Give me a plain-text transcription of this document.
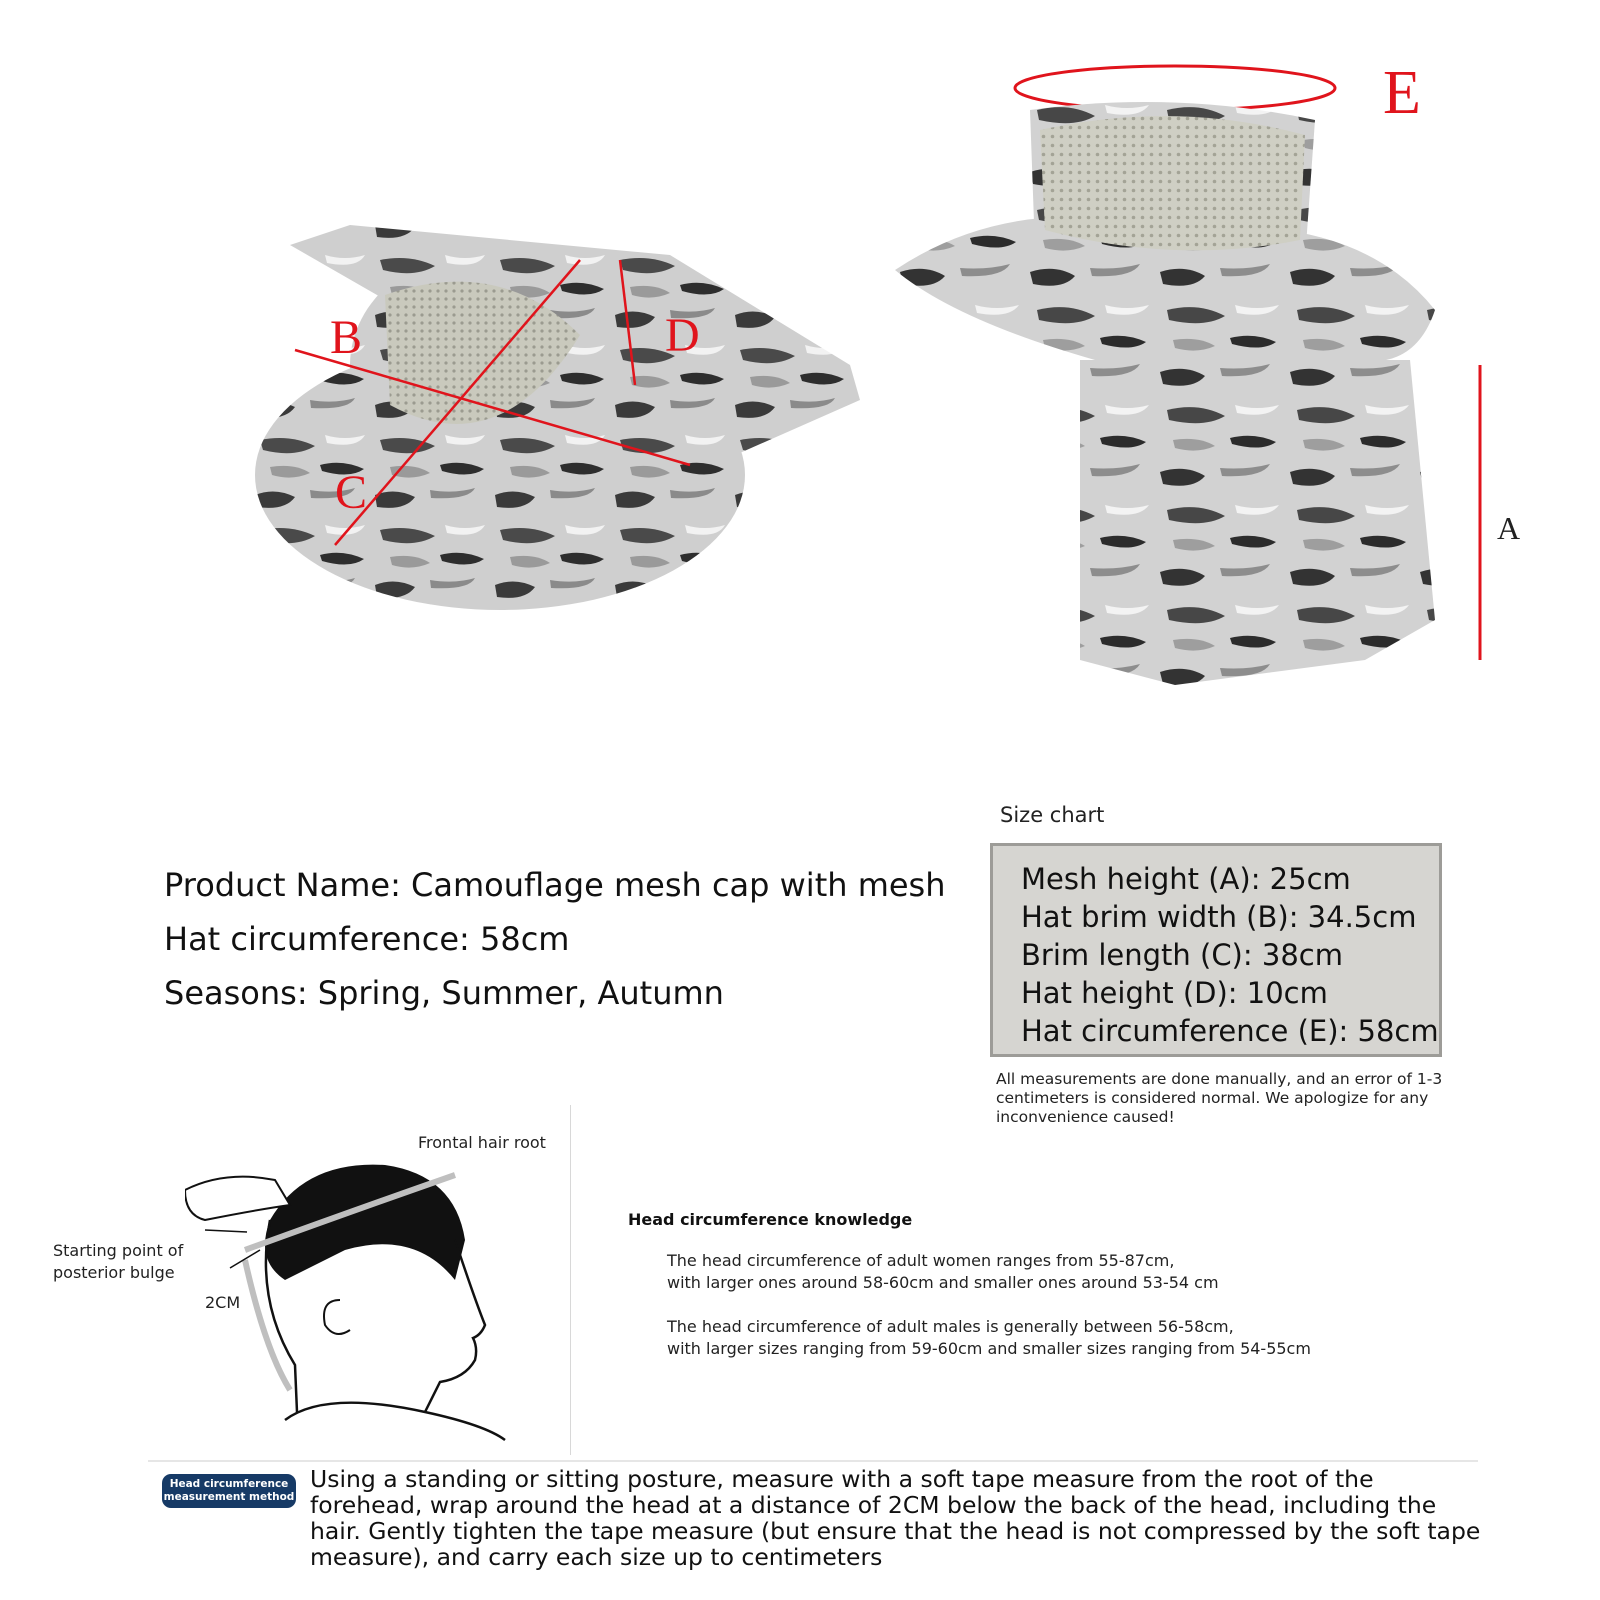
B
C
D
E
A
Product Name: Camouflage mesh cap with mesh
Hat circumference: 58cm
Seasons: Spring, Summer, Autumn
Size chart
Mesh height (A): 25cm
Hat brim width (B): 34.5cm
Brim length (C): 38cm
Hat height (D): 10cm
Hat circumference (E): 58cm
All measurements are done manually, and an error of 1-3 centimeters is considered normal. We apologize for any inconvenience caused!
Frontal hair root
Starting point of
posterior bulge
2CM
Head circumference knowledge
The head circumference of adult women ranges from 55-87cm,
with larger ones around 58-60cm and smaller ones around 53-54 cm
The head circumference of adult males is generally between 56-58cm,
with larger sizes ranging from 59-60cm and smaller sizes ranging from 54-55cm
Head circumference
measurement method
Using a standing or sitting posture, measure with a soft tape measure from the root of the forehead, wrap around the head at a distance of 2CM below the back of the head, including the hair. Gently tighten the tape measure (but ensure that the head is not compressed by the soft tape measure), and carry each size up to centimeters
